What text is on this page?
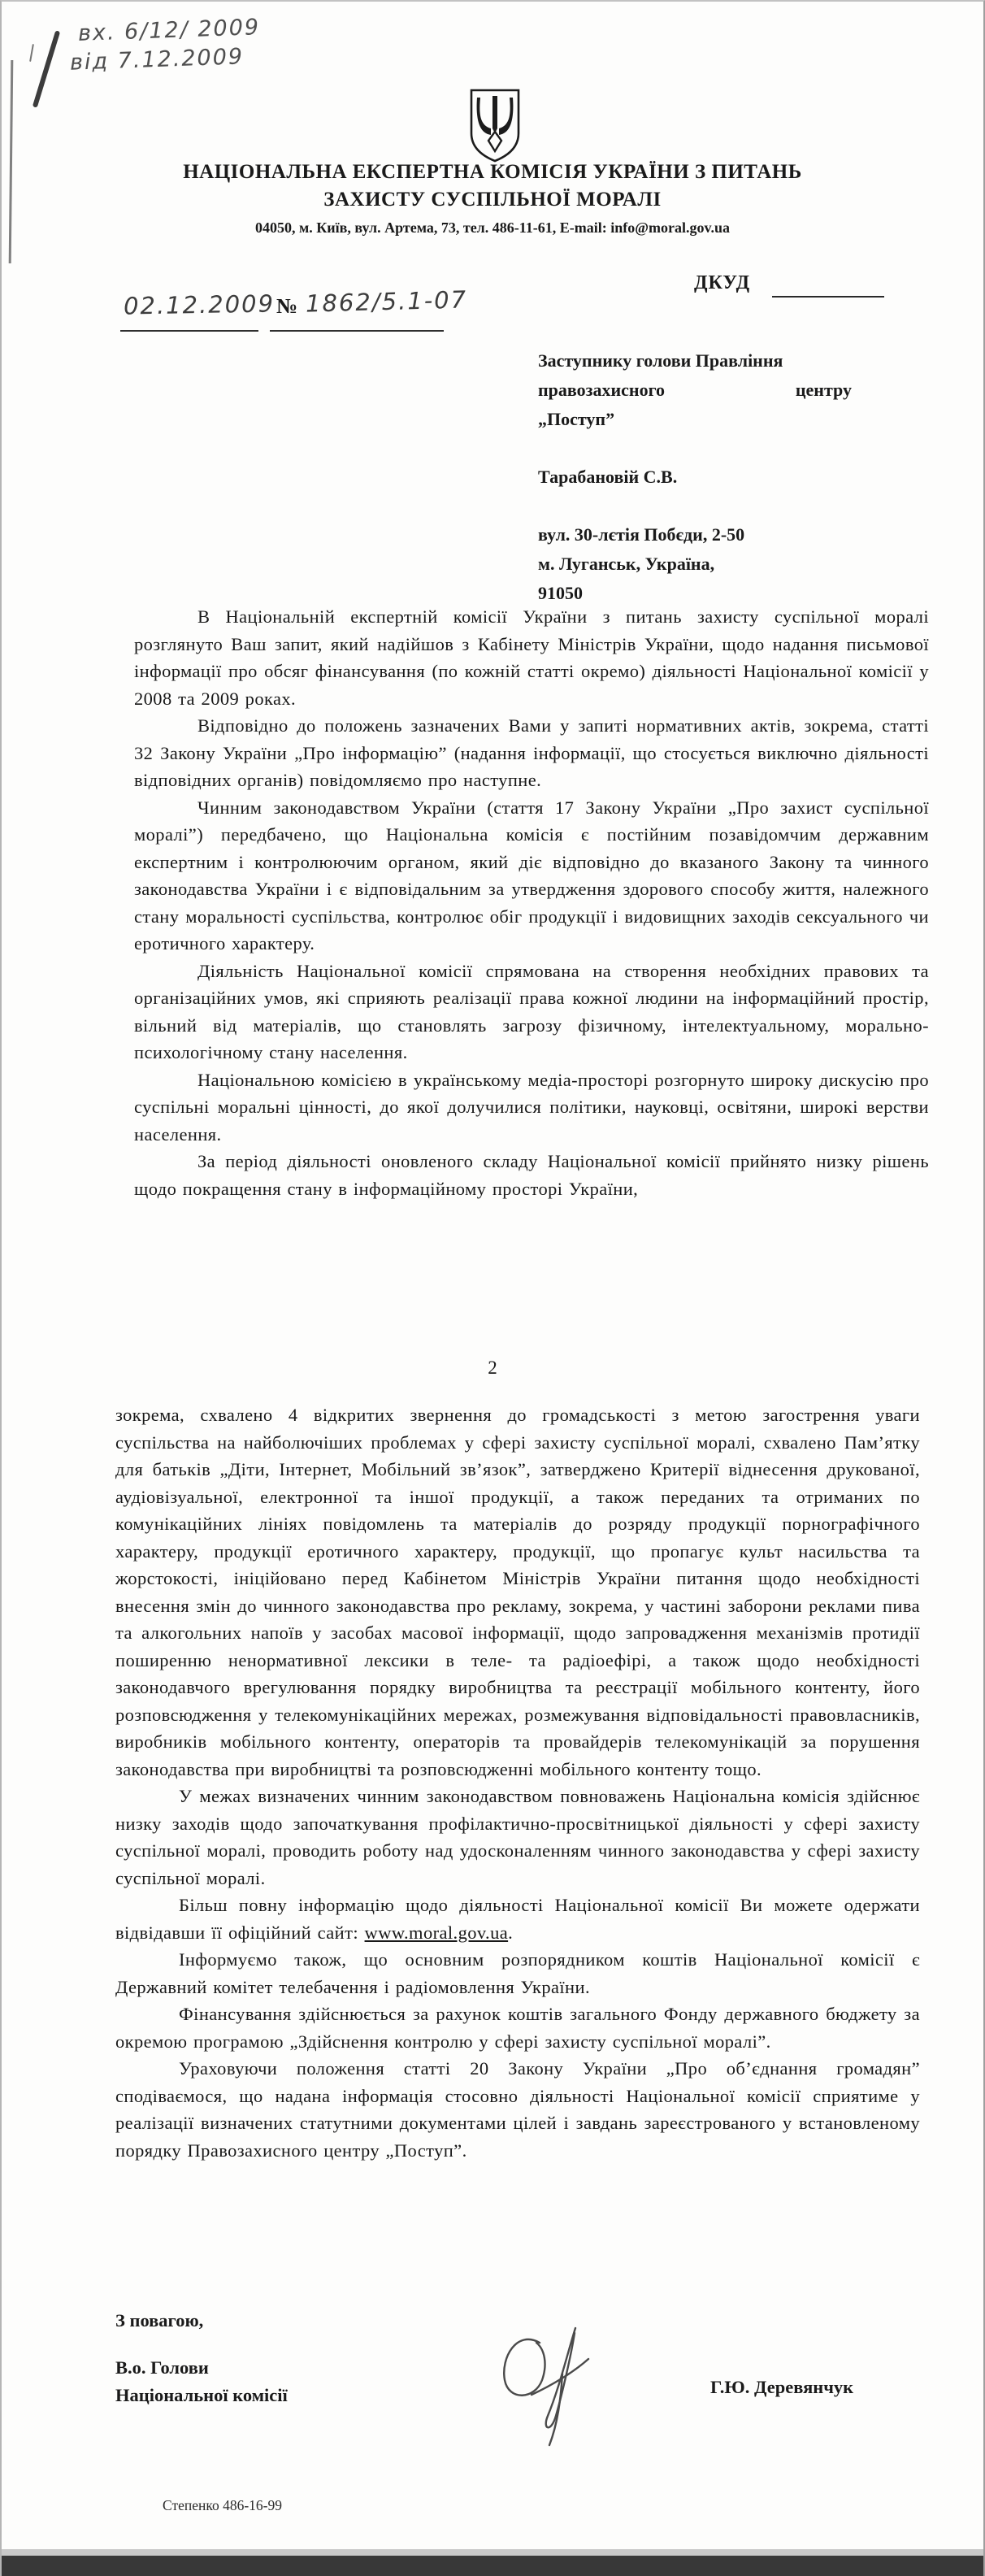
вх. 6/12/ 2009
від 7.12.2009
НАЦІОНАЛЬНА ЕКСПЕРТНА КОМІСІЯ УКРАЇНИ З ПИТАНЬ
ЗАХИСТУ СУСПІЛЬНОЇ МОРАЛІ
04050, м. Київ, вул. Артема, 73, тел. 486-11-61, E-mail: info@moral.gov.ua
ДКУД
02.12.2009 № 1862/5.1-07
Заступнику голови Правління
правозахисного	центру
„Поступ”
Тарабановій С.В.
вул. 30-лєтія Побєди, 2-50
м. Луганськ, Україна,
91050

В Національній експертній комісії України з питань захисту суспільної моралі розглянуто Ваш запит, який надійшов з Кабінету Міністрів України, щодо надання письмової інформації про обсяг фінансування (по кожній статті окремо) діяльності Національної комісії у 2008 та 2009 роках.

Відповідно до положень зазначених Вами у запиті нормативних актів, зокрема, статті 32 Закону України „Про інформацію” (надання інформації, що стосується виключно діяльності відповідних органів) повідомляємо про наступне.

Чинним законодавством України (стаття 17 Закону України „Про захист суспільної моралі”) передбачено, що Національна комісія є постійним позавідомчим державним експертним і контролюючим органом, який діє відповідно до вказаного Закону та чинного законодавства України і є відповідальним за утвердження здорового способу життя, належного стану моральності суспільства, контролює обіг продукції і видовищних заходів сексуального чи еротичного характеру.

Діяльність Національної комісії спрямована на створення необхідних правових та організаційних умов, які сприяють реалізації права кожної людини на інформаційний простір, вільний від матеріалів, що становлять загрозу фізичному, інтелектуальному, морально-психологічному стану населення.

Національною комісією в українському медіа-просторі розгорнуто широку дискусію про суспільні моральні цінності, до якої долучилися політики, науковці, освітяни, широкі верстви населення.

За період діяльності оновленого складу Національної комісії прийнято низку рішень щодо покращення стану в інформаційному просторі України,

2

зокрема, схвалено 4 відкритих звернення до громадськості з метою загострення уваги суспільства на найболючіших проблемах у сфері захисту суспільної моралі, схвалено Пам’ятку для батьків „Діти, Інтернет, Мобільний зв’язок”, затверджено Критерії віднесення друкованої, аудіовізуальної, електронної та іншої продукції, а також переданих та отриманих по комунікаційних лініях повідомлень та матеріалів до розряду продукції порнографічного характеру, продукції еротичного характеру, продукції, що пропагує культ насильства та жорстокості, ініційовано перед Кабінетом Міністрів України питання щодо необхідності внесення змін до чинного законодавства про рекламу, зокрема, у частині заборони реклами пива та алкогольних напоїв у засобах масової інформації, щодо запровадження механізмів протидії поширенню ненормативної лексики в теле- та радіоефірі, а також щодо необхідності законодавчого врегулювання порядку виробництва та реєстрації мобільного контенту, його розповсюдження у телекомунікаційних мережах, розмежування відповідальності правовласників, виробників мобільного контенту, операторів та провайдерів телекомунікацій за порушення законодавства при виробництві та розповсюдженні мобільного контенту тощо.

У межах визначених чинним законодавством повноважень Національна комісія здійснює низку заходів щодо започаткування профілактично-просвітницької діяльності у сфері захисту суспільної моралі, проводить роботу над удосконаленням чинного законодавства у сфері захисту суспільної моралі.

Більш повну інформацію щодо діяльності Національної комісії Ви можете одержати відвідавши її офіційний сайт: www.moral.gov.ua.

Інформуємо також, що основним розпорядником коштів Національної комісії є Державний комітет телебачення і радіомовлення України.

Фінансування здійснюється за рахунок коштів загального Фонду державного бюджету за окремою програмою „Здійснення контролю у сфері захисту суспільної моралі”.

Ураховуючи положення статті 20 Закону України „Про об’єднання громадян” сподіваємося, що надана інформація стосовно діяльності Національної комісії сприятиме у реалізації визначених статутними документами цілей і завдань зареєстрованого у встановленому порядку Правозахисного центру „Поступ”.

З повагою,
В.о. Голови
Національної комісії	Г.Ю. Деревянчук
Степенко 486-16-99
